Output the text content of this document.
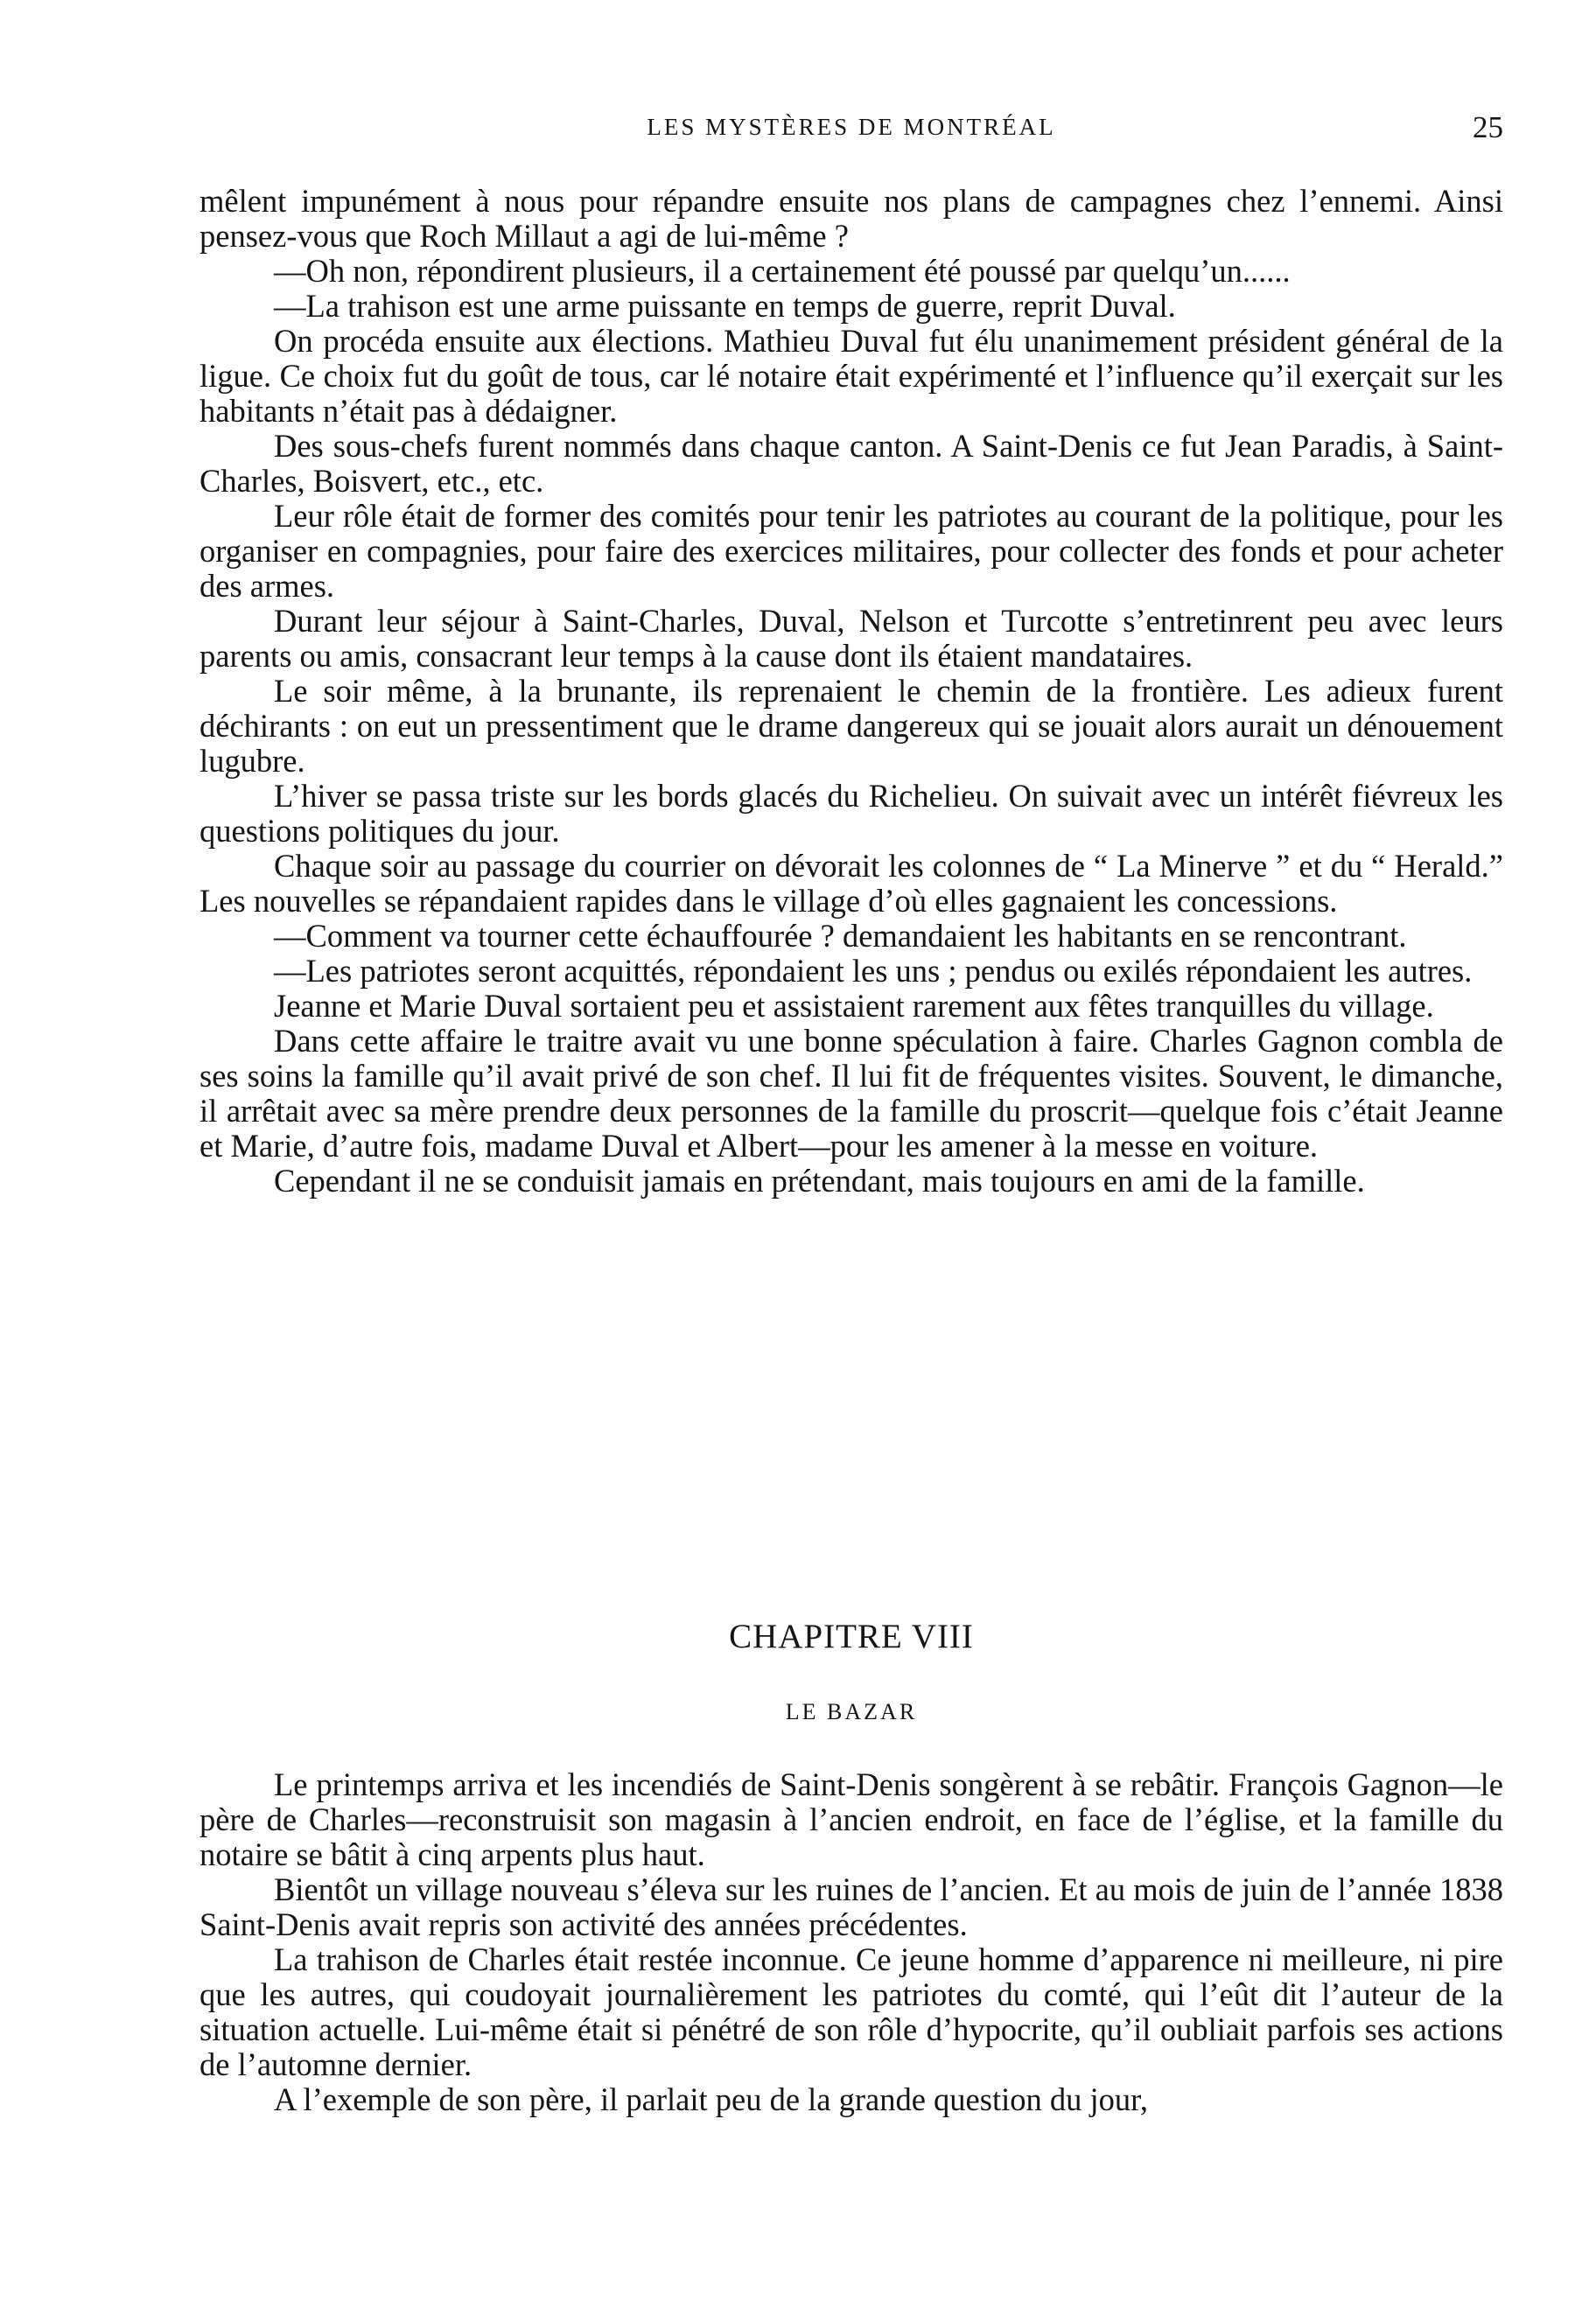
LES MYSTÈRES DE MONTRÉAL	25

mêlent impunément à nous pour répandre ensuite nos plans de campagnes chez l’ennemi. Ainsi pensez-vous que Roch Millaut a agi de lui-même ?

—Oh non, répondirent plusieurs, il a certainement été poussé par quelqu’un......

—La trahison est une arme puissante en temps de guerre, reprit Duval.

On procéda ensuite aux élections. Mathieu Duval fut élu unanimement président général de la ligue. Ce choix fut du goût de tous, car lé notaire était expérimenté et l’influence qu’il exerçait sur les habitants n’était pas à dédaigner.

Des sous-chefs furent nommés dans chaque canton. A Saint-Denis ce fut Jean Paradis, à Saint-Charles, Boisvert, etc., etc.

Leur rôle était de former des comités pour tenir les patriotes au courant de la politique, pour les organiser en compagnies, pour faire des exercices militaires, pour collecter des fonds et pour acheter des armes.

Durant leur séjour à Saint-Charles, Duval, Nelson et Turcotte s’entretinrent peu avec leurs parents ou amis, consacrant leur temps à la cause dont ils étaient mandataires.

Le soir même, à la brunante, ils reprenaient le chemin de la frontière. Les adieux furent déchirants : on eut un pressentiment que le drame dangereux qui se jouait alors aurait un dénouement lugubre.

L’hiver se passa triste sur les bords glacés du Richelieu. On suivait avec un intérêt fiévreux les questions politiques du jour.

Chaque soir au passage du courrier on dévorait les colonnes de “ La Minerve ” et du “ Herald.” Les nouvelles se répandaient rapides dans le village d’où elles gagnaient les concessions.

—Comment va tourner cette échauffourée ? demandaient les habitants en se rencontrant.

—Les patriotes seront acquittés, répondaient les uns ; pendus ou exilés répondaient les autres.

Jeanne et Marie Duval sortaient peu et assistaient rarement aux fêtes tranquilles du village.

Dans cette affaire le traitre avait vu une bonne spéculation à faire. Charles Gagnon combla de ses soins la famille qu’il avait privé de son chef. Il lui fit de fréquentes visites. Souvent, le dimanche, il arrêtait avec sa mère prendre deux personnes de la famille du proscrit—quelque fois c’était Jeanne et Marie, d’autre fois, madame Duval et Albert—pour les amener à la messe en voiture.

Cependant il ne se conduisit jamais en prétendant, mais toujours en ami de la famille.

CHAPITRE VIII
LE BAZAR

Le printemps arriva et les incendiés de Saint-Denis songèrent à se rebâtir. François Gagnon—le père de Charles—reconstruisit son magasin à l’ancien endroit, en face de l’église, et la famille du notaire se bâtit à cinq arpents plus haut.

Bientôt un village nouveau s’éleva sur les ruines de l’ancien. Et au mois de juin de l’année 1838 Saint-Denis avait repris son activité des années précédentes.

La trahison de Charles était restée inconnue. Ce jeune homme d’apparence ni meilleure, ni pire que les autres, qui coudoyait journalièrement les patriotes du comté, qui l’eût dit l’auteur de la situation actuelle. Lui-même était si pénétré de son rôle d’hypocrite, qu’il oubliait parfois ses actions de l’automne dernier.

A l’exemple de son père, il parlait peu de la grande question du jour,
